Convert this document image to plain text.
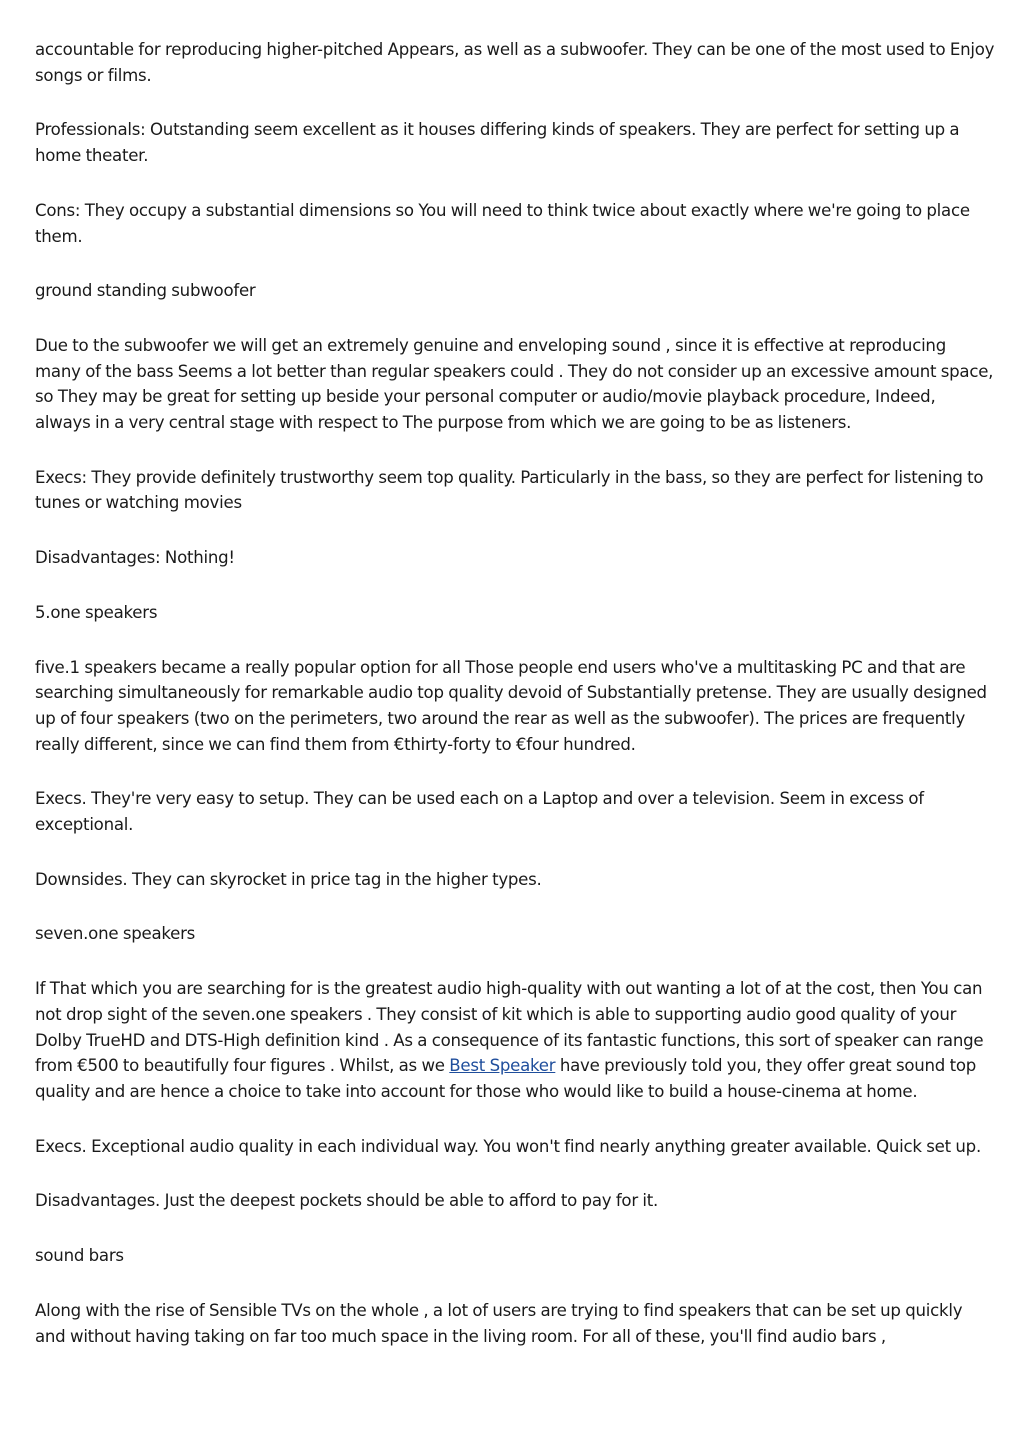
accountable for reproducing higher-pitched Appears, as well as a subwoofer. They can be one of the most used to Enjoy songs or films.

Professionals: Outstanding seem excellent as it houses differing kinds of speakers. They are perfect for setting up a home theater.

Cons: They occupy a substantial dimensions so You will need to think twice about exactly where we're going to place them.

ground standing subwoofer

Due to the subwoofer we will get an extremely genuine and enveloping sound , since it is effective at reproducing many of the bass Seems a lot better than regular speakers could . They do not consider up an excessive amount space, so They may be great for setting up beside your personal computer or audio/movie playback procedure, Indeed, always in a very central stage with respect to The purpose from which we are going to be as listeners.

Execs: They provide definitely trustworthy seem top quality. Particularly in the bass, so they are perfect for listening to tunes or watching movies

Disadvantages: Nothing!

5.one speakers

five.1 speakers became a really popular option for all Those people end users who've a multitasking PC and that are searching simultaneously for remarkable audio top quality devoid of Substantially pretense. They are usually designed up of four speakers (two on the perimeters, two around the rear as well as the subwoofer). The prices are frequently really different, since we can find them from €thirty-forty to €four hundred.

Execs. They're very easy to setup. They can be used each on a Laptop and over a television. Seem in excess of exceptional.

Downsides. They can skyrocket in price tag in the higher types.

seven.one speakers

If That which you are searching for is the greatest audio high-quality with out wanting a lot of at the cost, then You can not drop sight of the seven.one speakers . They consist of kit which is able to supporting audio good quality of your Dolby TrueHD and DTS-High definition kind . As a consequence of its fantastic functions, this sort of speaker can range from €500 to beautifully four figures . Whilst, as we Best Speaker have previously told you, they offer great sound top quality and are hence a choice to take into account for those who would like to build a house-cinema at home.

Execs. Exceptional audio quality in each individual way. You won't find nearly anything greater available. Quick set up.

Disadvantages. Just the deepest pockets should be able to afford to pay for it.

sound bars

Along with the rise of Sensible TVs on the whole , a lot of users are trying to find speakers that can be set up quickly and without having taking on far too much space in the living room. For all of these, you'll find audio bars ,
